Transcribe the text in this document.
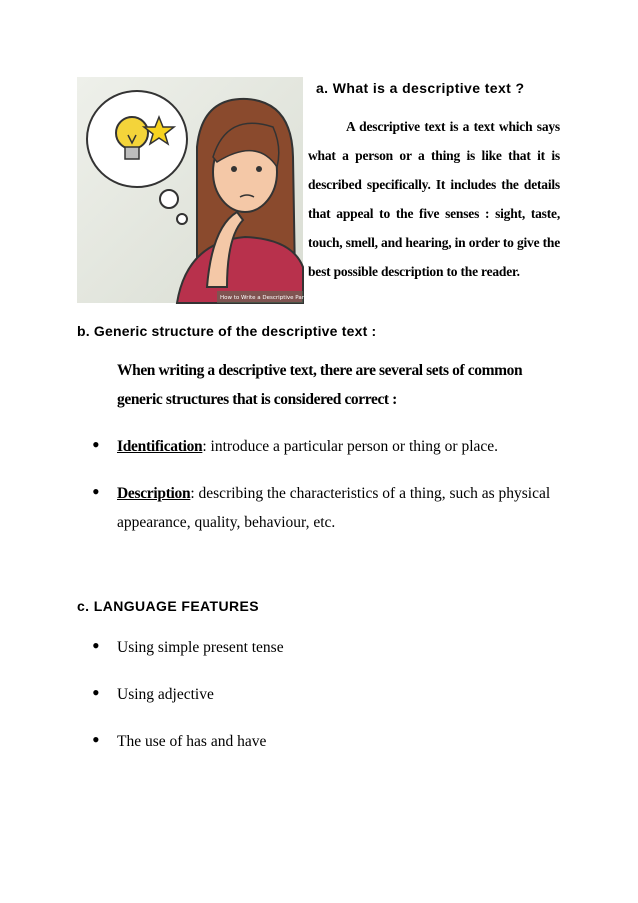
How to Write a Descriptive Paragraph
a. What is a descriptive text ?
A descriptive text is a text which says what a person or a thing is like that it is described specifically. It includes the details that appeal to the five senses : sight, taste, touch, smell, and hearing, in order to give the best possible description to the reader.
b. Generic structure of the descriptive text :
When writing a descriptive text, there are several sets of common generic structures that is considered correct :
• Identification: introduce a particular person or thing or place.
• Description: describing the characteristics of a thing, such as physical appearance, quality, behaviour, etc.
c. LANGUAGE FEATURES
• Using simple present tense
• Using adjective
• The use of has and have
